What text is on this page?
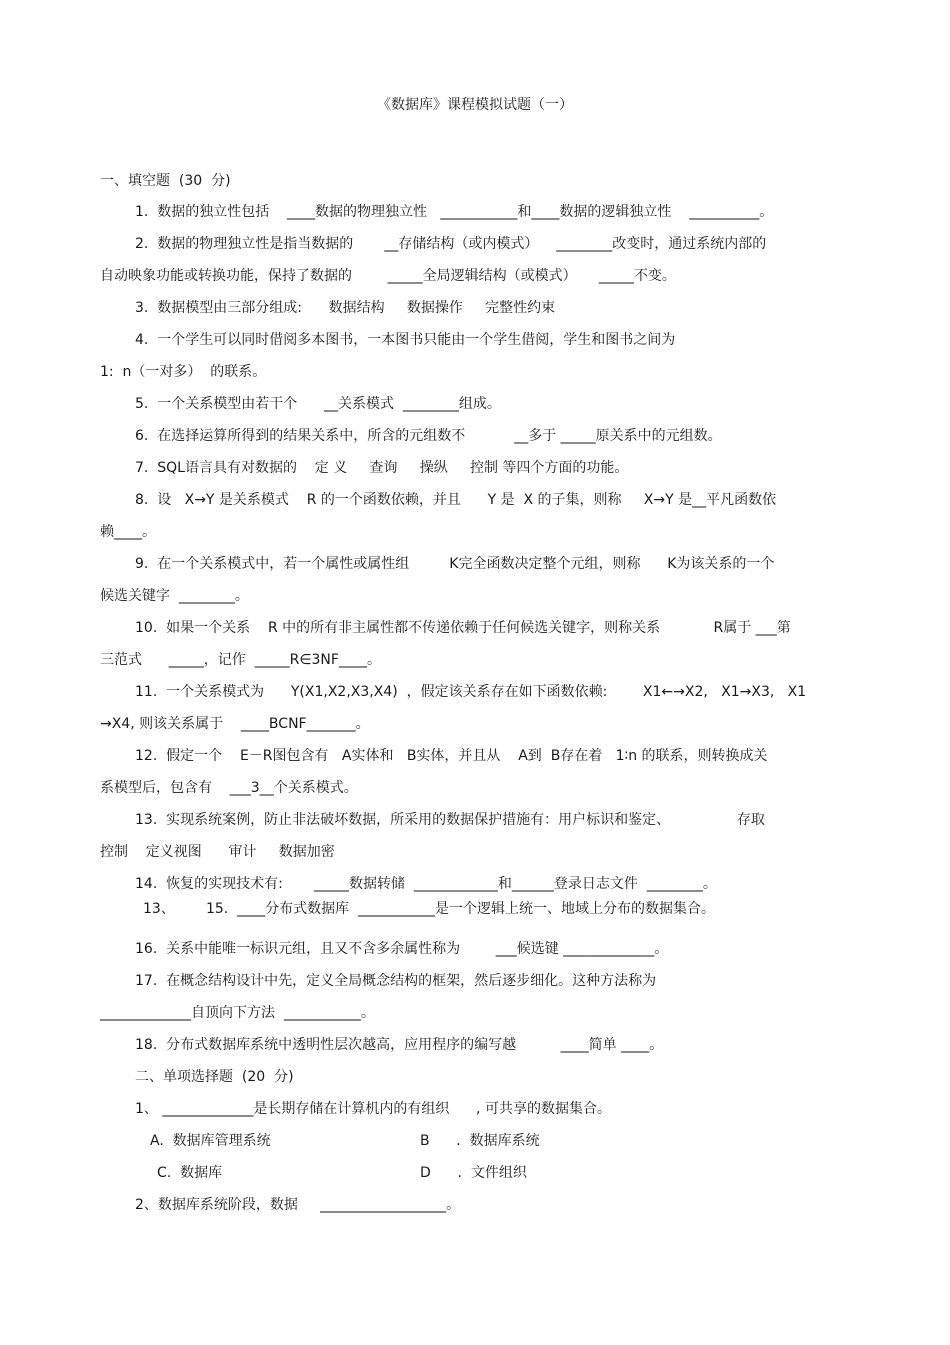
《数据库》课程模拟试题（一）
一、填空题  (30  分)
1.  数据的独立性包括    ____数据的物理独立性   ___________和____数据的逻辑独立性    __________。
2.  数据的物理独立性是指当数据的       __存储结构（或内模式）    ________改变时，通过系统内部的
自动映象功能或转换功能，保持了数据的        _____全局逻辑结构（或模式）     _____不变。
3.  数据模型由三部分组成:      数据结构     数据操作     完整性约束
4.  一个学生可以同时借阅多本图书，一本图书只能由一个学生借阅，学生和图书之间为
1:  n（一对多）  的联系。
5.  一个关系模型由若干个      __关系模式  ________组成。
6.  在选择运算所得到的结果关系中，所含的元组数不           __多于 _____原关系中的元组数。
7.  SQL语言具有对数据的    定 义     查询     操纵     控制 等四个方面的功能。
8.  设   X→Y 是关系模式    R 的一个函数依赖，并且      Y 是  X 的子集，则称     X→Y 是__平凡函数依
赖____。
9.  在一个关系模式中，若一个属性或属性组         K完全函数决定整个元组，则称      K为该关系的一个
候选关键字  ________。
10.  如果一个关系    R 中的所有非主属性都不传递依赖于任何候选关键字，则称关系            R属于 ___第
三范式      _____，记作  _____R∈3NF____。
11.  一个关系模式为      Y(X1,X2,X3,X4)  ，假定该关系存在如下函数依赖:        X1←→X2,   X1→X3,   X1
→X4, 则该关系属于    ____BCNF_______。
12.  假定一个    E－R图包含有   A实体和   B实体，并且从    A到  B存在着   1∶n 的联系，则转换成关
系模型后，包含有    ___3__个关系模式。
13.  实现系统案例，防止非法破坏数据，所采用的数据保护措施有：用户标识和鉴定、               存取
控制    定义视图      审计     数据加密
14.  恢复的实现技术有:       _____数据转储  ____________和______登录日志文件  ________。
13、       15.  ____分布式数据库  ___________是一个逻辑上统一、地域上分布的数据集合。
16.  关系中能唯一标识元组，且又不含多余属性称为        ___候选键 _____________。
17.  在概念结构设计中先，定义全局概念结构的框架，然后逐步细化。这种方法称为
_____________自顶向下方法  ___________。
18.  分布式数据库系统中透明性层次越高，应用程序的编写越          ____简单 ____。
二、单项选择题  (20  分)
1、 _____________是长期存储在计算机内的有组织      , 可共享的数据集合。
A.  数据库管理系统	B      .  数据库系统
C.  数据库	D      .  文件组织
2、数据库系统阶段，数据     __________________。
